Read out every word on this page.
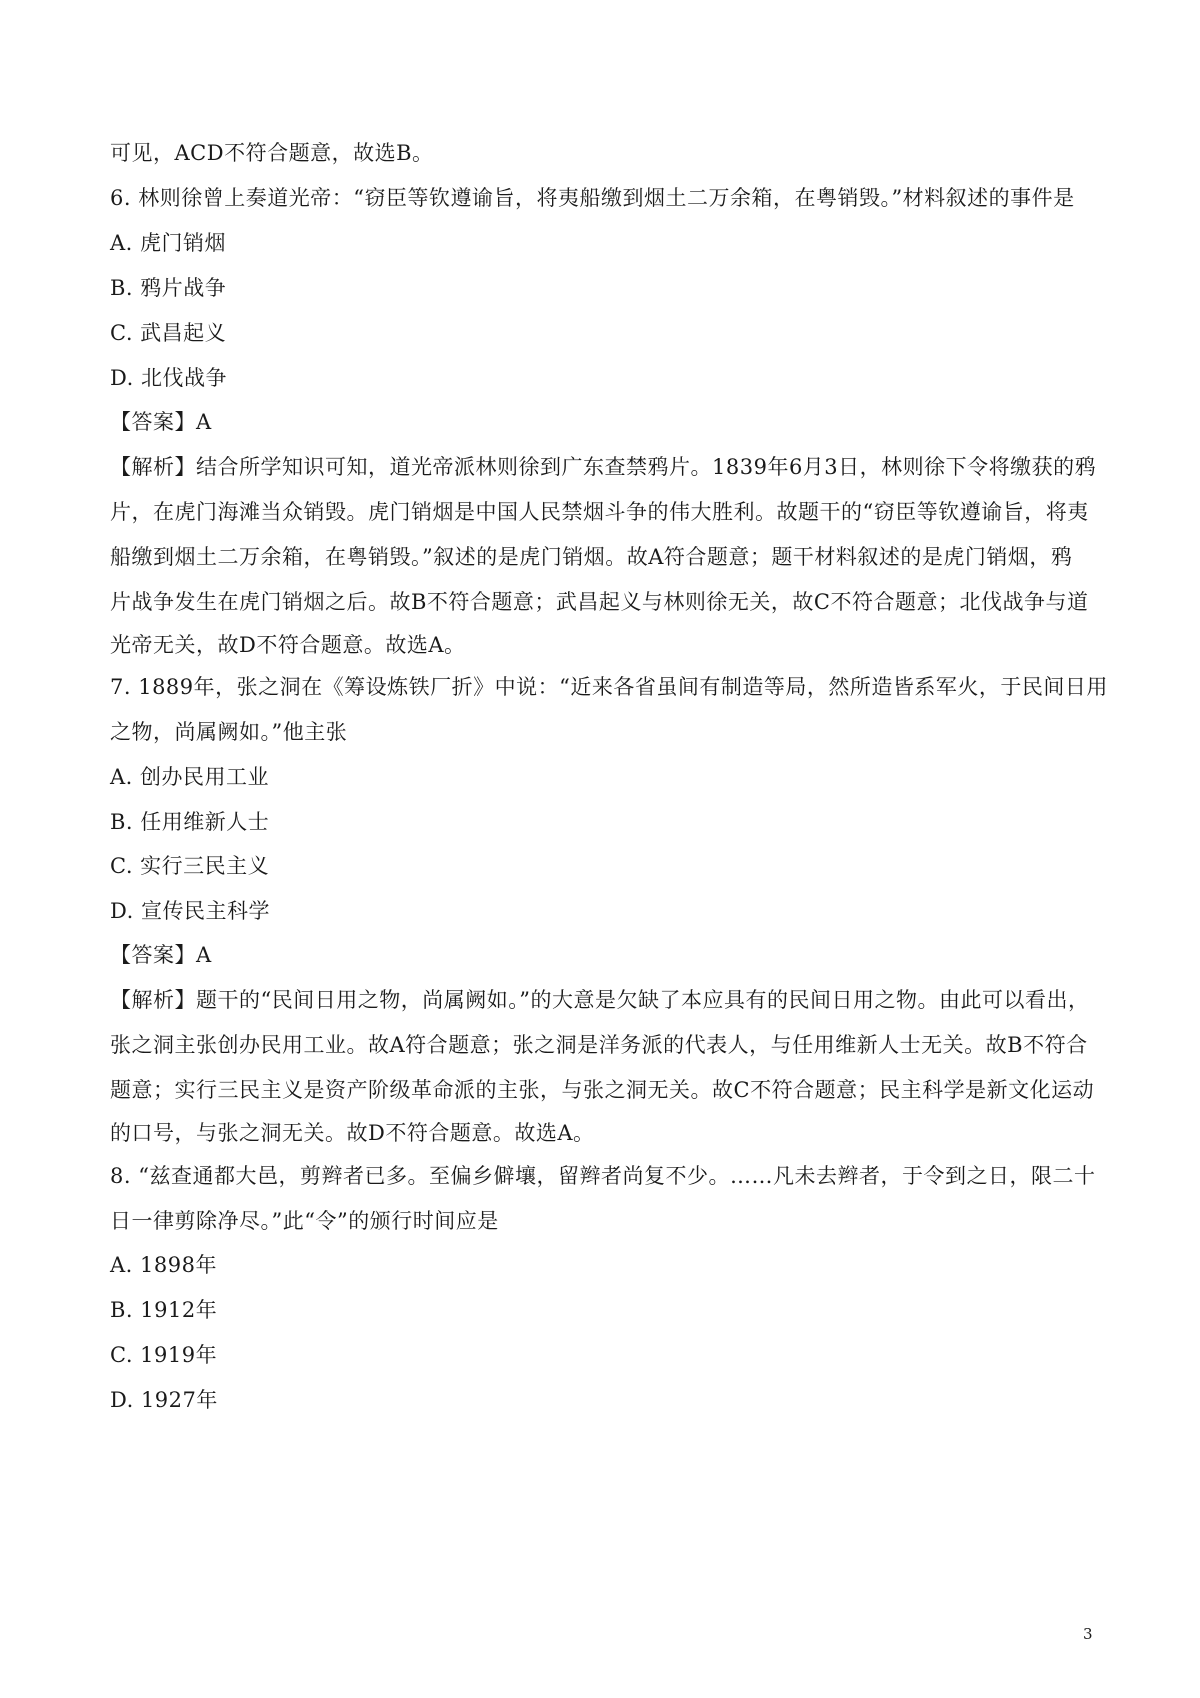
可见，ACD不符合题意，故选B。
6. 林则徐曾上奏道光帝：“窃臣等钦遵谕旨，将夷船缴到烟土二万余箱，在粤销毁。”材料叙述的事件是
A. 虎门销烟
B. 鸦片战争
C. 武昌起义
D. 北伐战争
【答案】A
【解析】结合所学知识可知，道光帝派林则徐到广东查禁鸦片。1839年6月3日，林则徐下令将缴获的鸦
片，在虎门海滩当众销毁。虎门销烟是中国人民禁烟斗争的伟大胜利。故题干的“窃臣等钦遵谕旨，将夷
船缴到烟土二万余箱，在粤销毁。”叙述的是虎门销烟。故A符合题意；题干材料叙述的是虎门销烟，鸦
片战争发生在虎门销烟之后。故B不符合题意；武昌起义与林则徐无关，故C不符合题意；北伐战争与道
光帝无关，故D不符合题意。故选A。
7. 1889年，张之洞在《筹设炼铁厂折》中说：“近来各省虽间有制造等局，然所造皆系军火，于民间日用
之物，尚属阙如。”他主张
A. 创办民用工业
B. 任用维新人士
C. 实行三民主义
D. 宣传民主科学
【答案】A
【解析】题干的“民间日用之物，尚属阙如。”的大意是欠缺了本应具有的民间日用之物。由此可以看出，
张之洞主张创办民用工业。故A符合题意；张之洞是洋务派的代表人，与任用维新人士无关。故B不符合
题意；实行三民主义是资产阶级革命派的主张，与张之洞无关。故C不符合题意；民主科学是新文化运动
的口号，与张之洞无关。故D不符合题意。故选A。
8. “兹查通都大邑，剪辫者已多。至偏乡僻壤，留辫者尚复不少。……凡未去辫者，于令到之日，限二十
日一律剪除净尽。”此“令”的颁行时间应是
A. 1898年
B. 1912年
C. 1919年
D. 1927年
3
